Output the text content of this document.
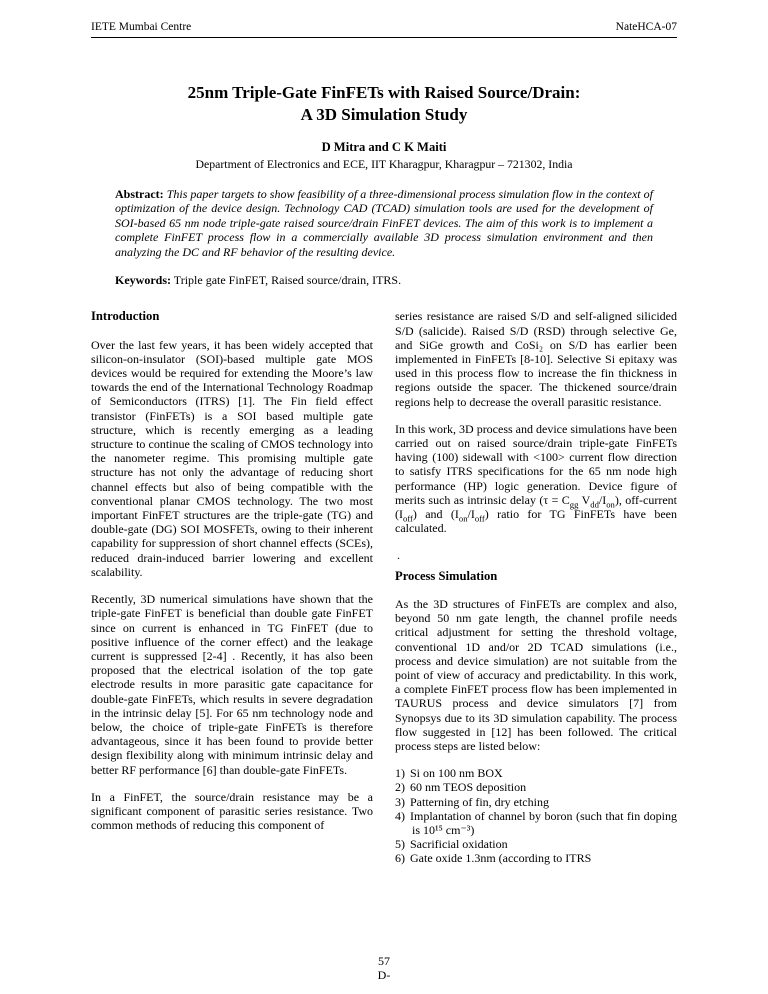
IETE Mumbai Centre	NateHCA-07
25nm Triple-Gate FinFETs with Raised Source/Drain:
A 3D Simulation Study
D Mitra and C K Maiti
Department of Electronics and ECE, IIT Kharagpur, Kharagpur – 721302, India

Abstract: This paper targets to show feasibility of a three-dimensional process simulation flow in the context of optimization of the device design. Technology CAD (TCAD) simulation tools are used for the development of SOI-based 65 nm node triple-gate raised source/drain FinFET devices. The aim of this work is to implement a complete FinFET process flow in a commercially available 3D process simulation environment and then analyzing the DC and RF behavior of the resulting device.

Keywords: Triple gate FinFET, Raised source/drain, ITRS.

Introduction

Over the last few years, it has been widely accepted that silicon-on-insulator (SOI)-based multiple gate MOS devices would be required for extending the Moore’s law towards the end of the International Technology Roadmap of Semiconductors (ITRS) [1]. The Fin field effect transistor (FinFETs) is a SOI based multiple gate structure, which is recently emerging as a leading structure to continue the scaling of CMOS technology into the nanometer regime. This promising multiple gate structure has not only the advantage of reducing short channel effects but also of being compatible with the conventional planar CMOS technology. The two most important FinFET structures are the triple-gate (TG) and double-gate (DG) SOI MOSFETs, owing to their inherent capability for suppression of short channel effects (SCEs), reduced drain-induced barrier lowering and excellent scalability.

Recently, 3D numerical simulations have shown that the triple-gate FinFET is beneficial than double gate FinFET since on current is enhanced in TG FinFET (due to positive influence of the corner effect) and the leakage current is suppressed [2-4] . Recently, it has also been proposed that the electrical isolation of the top gate electrode results in more parasitic gate capacitance for double-gate FinFETs, which results in severe degradation in the intrinsic delay [5]. For 65 nm technology node and below, the choice of triple-gate FinFETs is therefore advantageous, since it has been found to provide better design flexibility along with minimum intrinsic delay and better RF performance [6] than double-gate FinFETs.

In a FinFET, the source/drain resistance may be a significant component of parasitic series resistance. Two common methods of reducing this component of

series resistance are raised S/D and self-aligned silicided S/D (salicide). Raised S/D (RSD) through selective Ge, and SiGe growth and CoSi₂ on S/D has earlier been implemented in FinFETs [8-10]. Selective Si epitaxy was used in this process flow to increase the fin thickness in regions outside the spacer. The thickened source/drain regions help to decrease the overall parasitic resistance.

In this work, 3D process and device simulations have been carried out on raised source/drain triple-gate FinFETs having (100) sidewall with <100> current flow direction to satisfy ITRS specifications for the 65 nm node high performance (HP) logic generation. Device figure of merits such as intrinsic delay ($\tau = C_{gg}$ $V_{dd}/I_{on}$), off-current $(I_{off})$ and $(I_{on}/I_{off})$ ratio for TG FinFETs have been calculated.

.

Process Simulation

As the 3D structures of FinFETs are complex and also, beyond 50 nm gate length, the channel profile needs critical adjustment for setting the threshold voltage, conventional 1D and/or 2D TCAD simulations (i.e., process and device simulation) are not suitable from the point of view of accuracy and predictability. In this work, a complete FinFET process flow has been implemented in TAURUS process and device simulators [7] from Synopsys due to its 3D simulation capability. The process flow suggested in [12] has been followed. The critical process steps are listed below:

1) Si on 100 nm BOX
2) 60 nm TEOS deposition
3) Patterning of fin, dry etching
4) Implantation of channel by boron (such that fin doping is 10¹⁵ cm⁻³)
5) Sacrificial oxidation
6) Gate oxide 1.3nm (according to ITRS
57
D-
